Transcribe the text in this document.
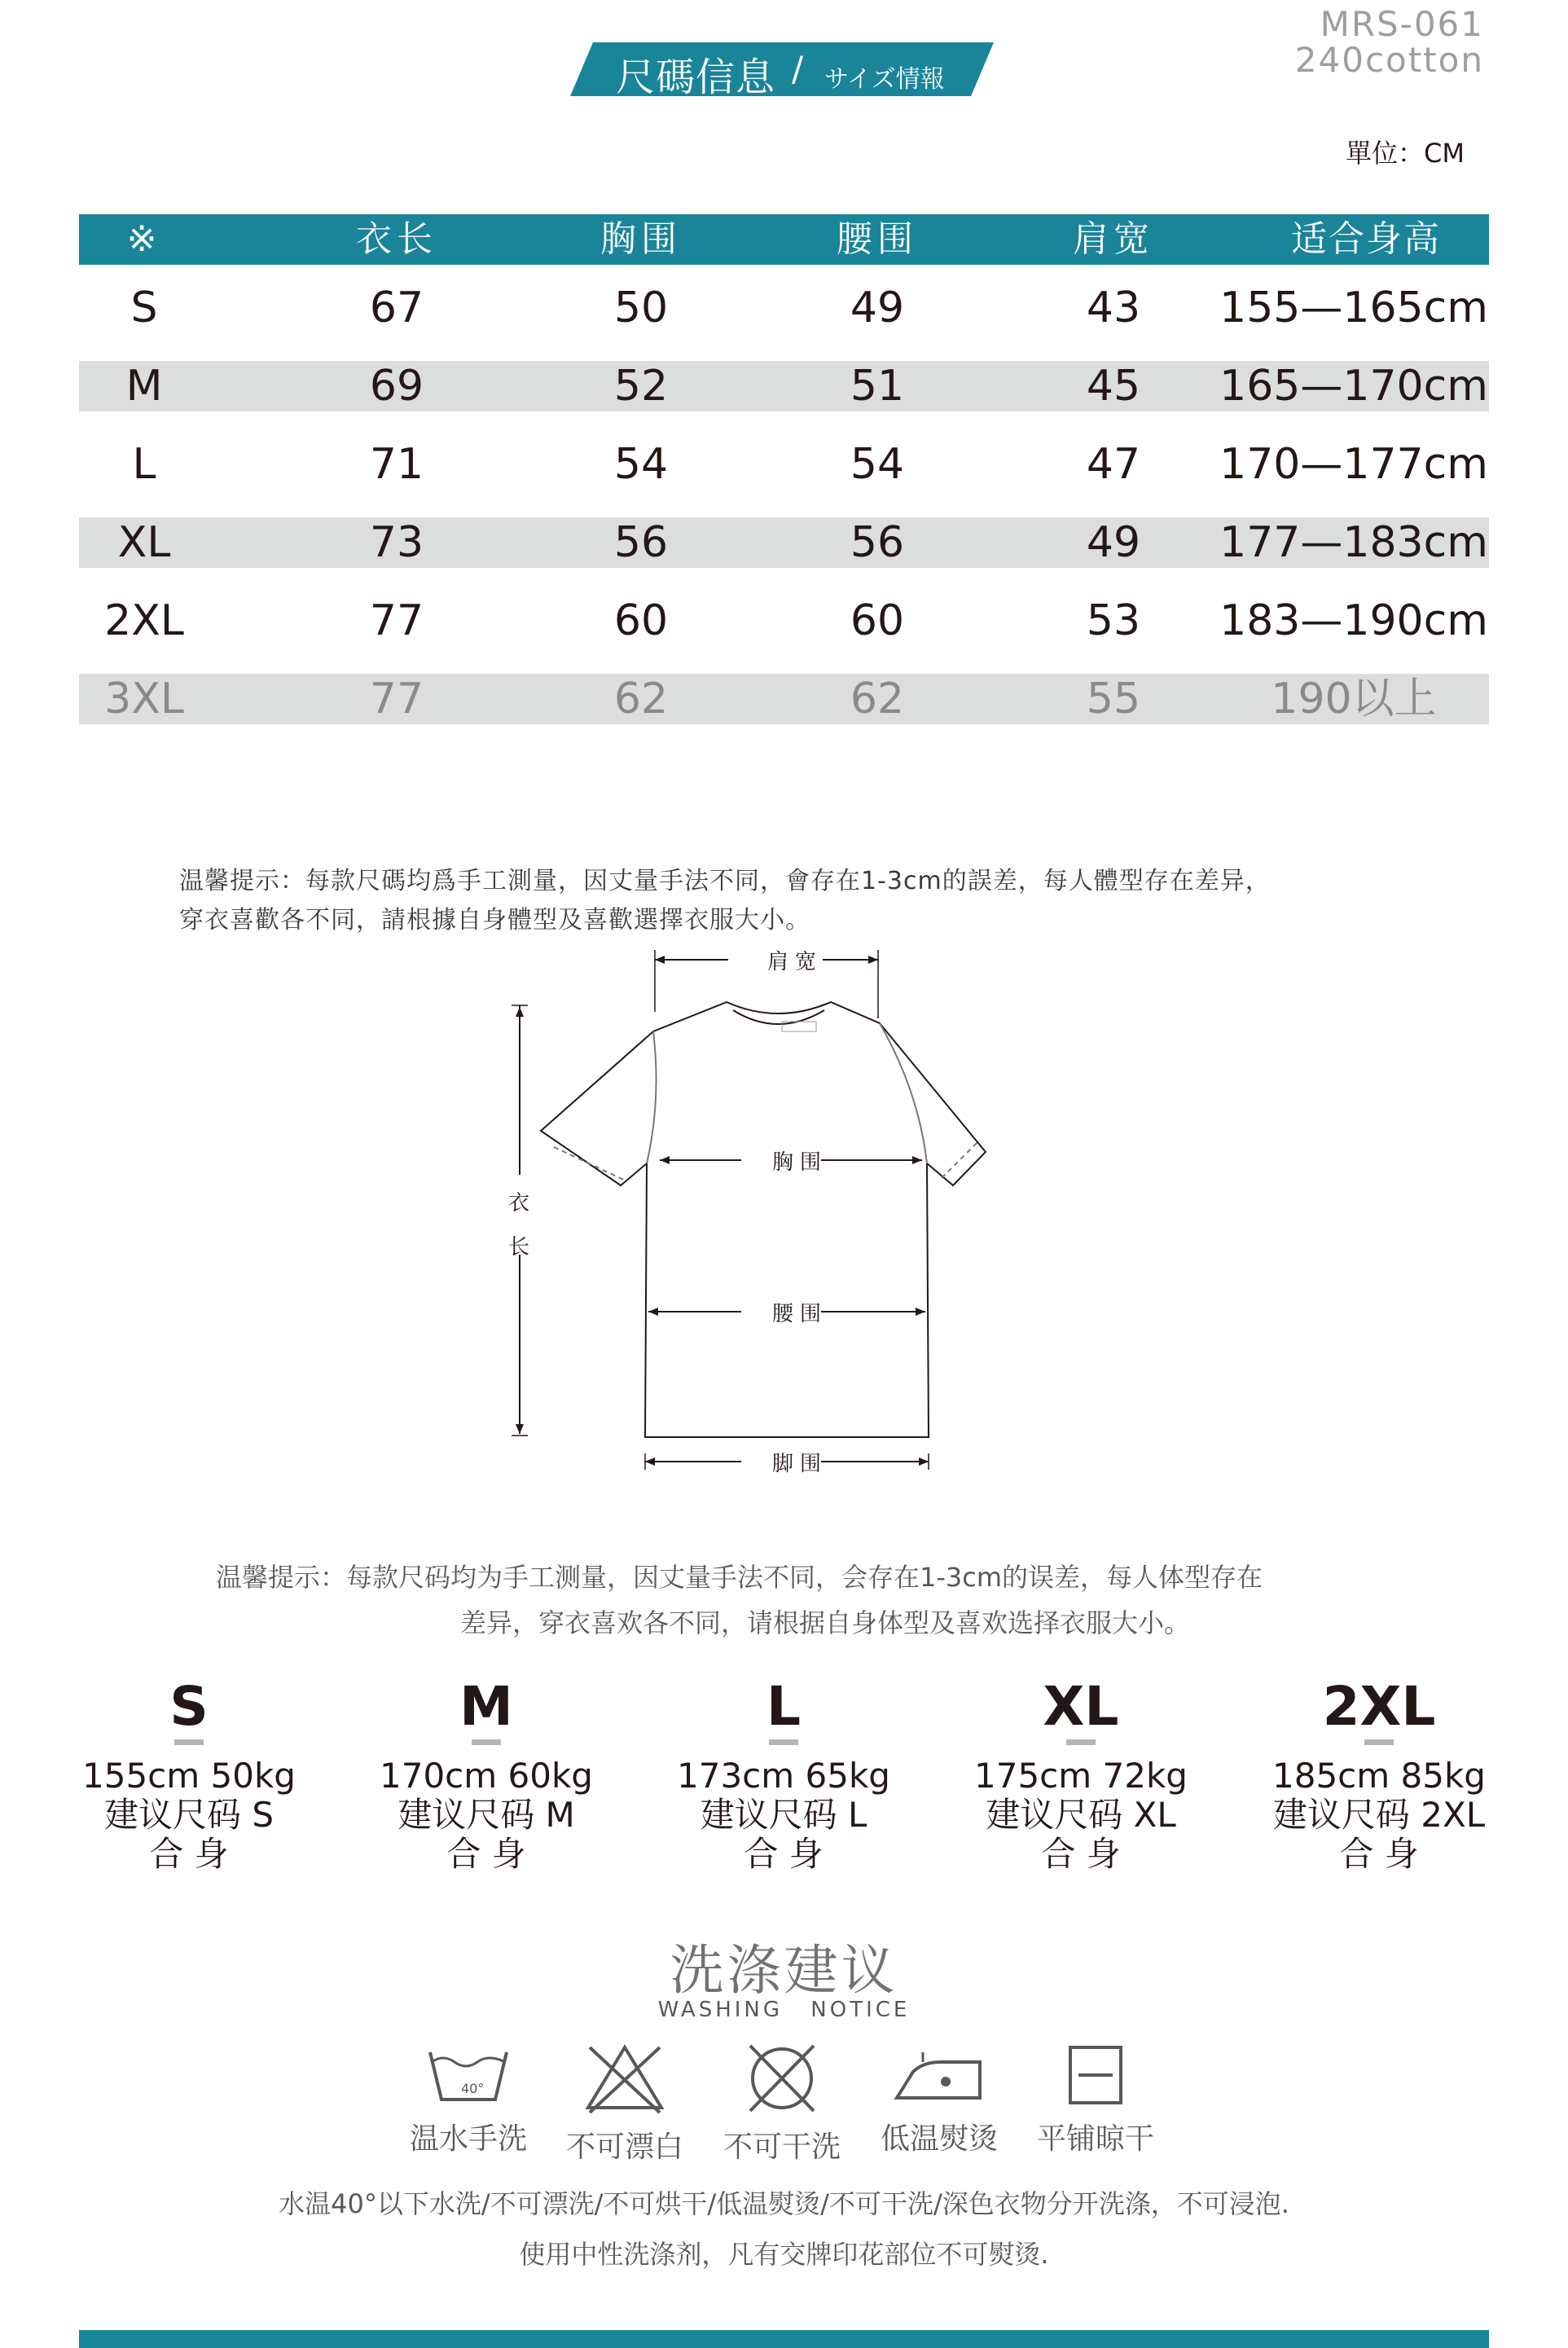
尺碼信息 / サイズ情報
MRS-061
240cotton
單位：CM
※	衣长	胸围	腰围	肩宽	适合身高
S	67	50	49	43	155—165cm
M	69	52	51	45	165—170cm
L	71	54	54	47	170—177cm
XL	73	56	56	49	177—183cm
2XL	77	60	60	53	183—190cm
3XL	77	62	62	55	190以上
温馨提示：每款尺碼均爲手工測量，因丈量手法不同，會存在1-3cm的誤差，每人體型存在差异，
穿衣喜歡各不同，請根據自身體型及喜歡選擇衣服大小。
肩宽
胸围
腰围
脚围
衣
长
温馨提示：每款尺码均为手工测量，因丈量手法不同，会存在1-3cm的误差，每人体型存在
差异，穿衣喜欢各不同，请根据自身体型及喜欢选择衣服大小。
S
155cm 50kg
建议尺码 S
合 身
M
170cm 60kg
建议尺码 M
合 身
L
173cm 65kg
建议尺码 L
合 身
XL
175cm 72kg
建议尺码 XL
合 身
2XL
185cm 85kg
建议尺码 2XL
合 身
洗涤建议
WASHING NOTICE
40°
温水手洗	不可漂白	不可干洗	低温熨烫	平铺晾干
水温40°以下水洗/不可漂洗/不可烘干/低温熨烫/不可干洗/深色衣物分开洗涤，不可浸泡.
使用中性洗涤剂，凡有交牌印花部位不可熨烫.
